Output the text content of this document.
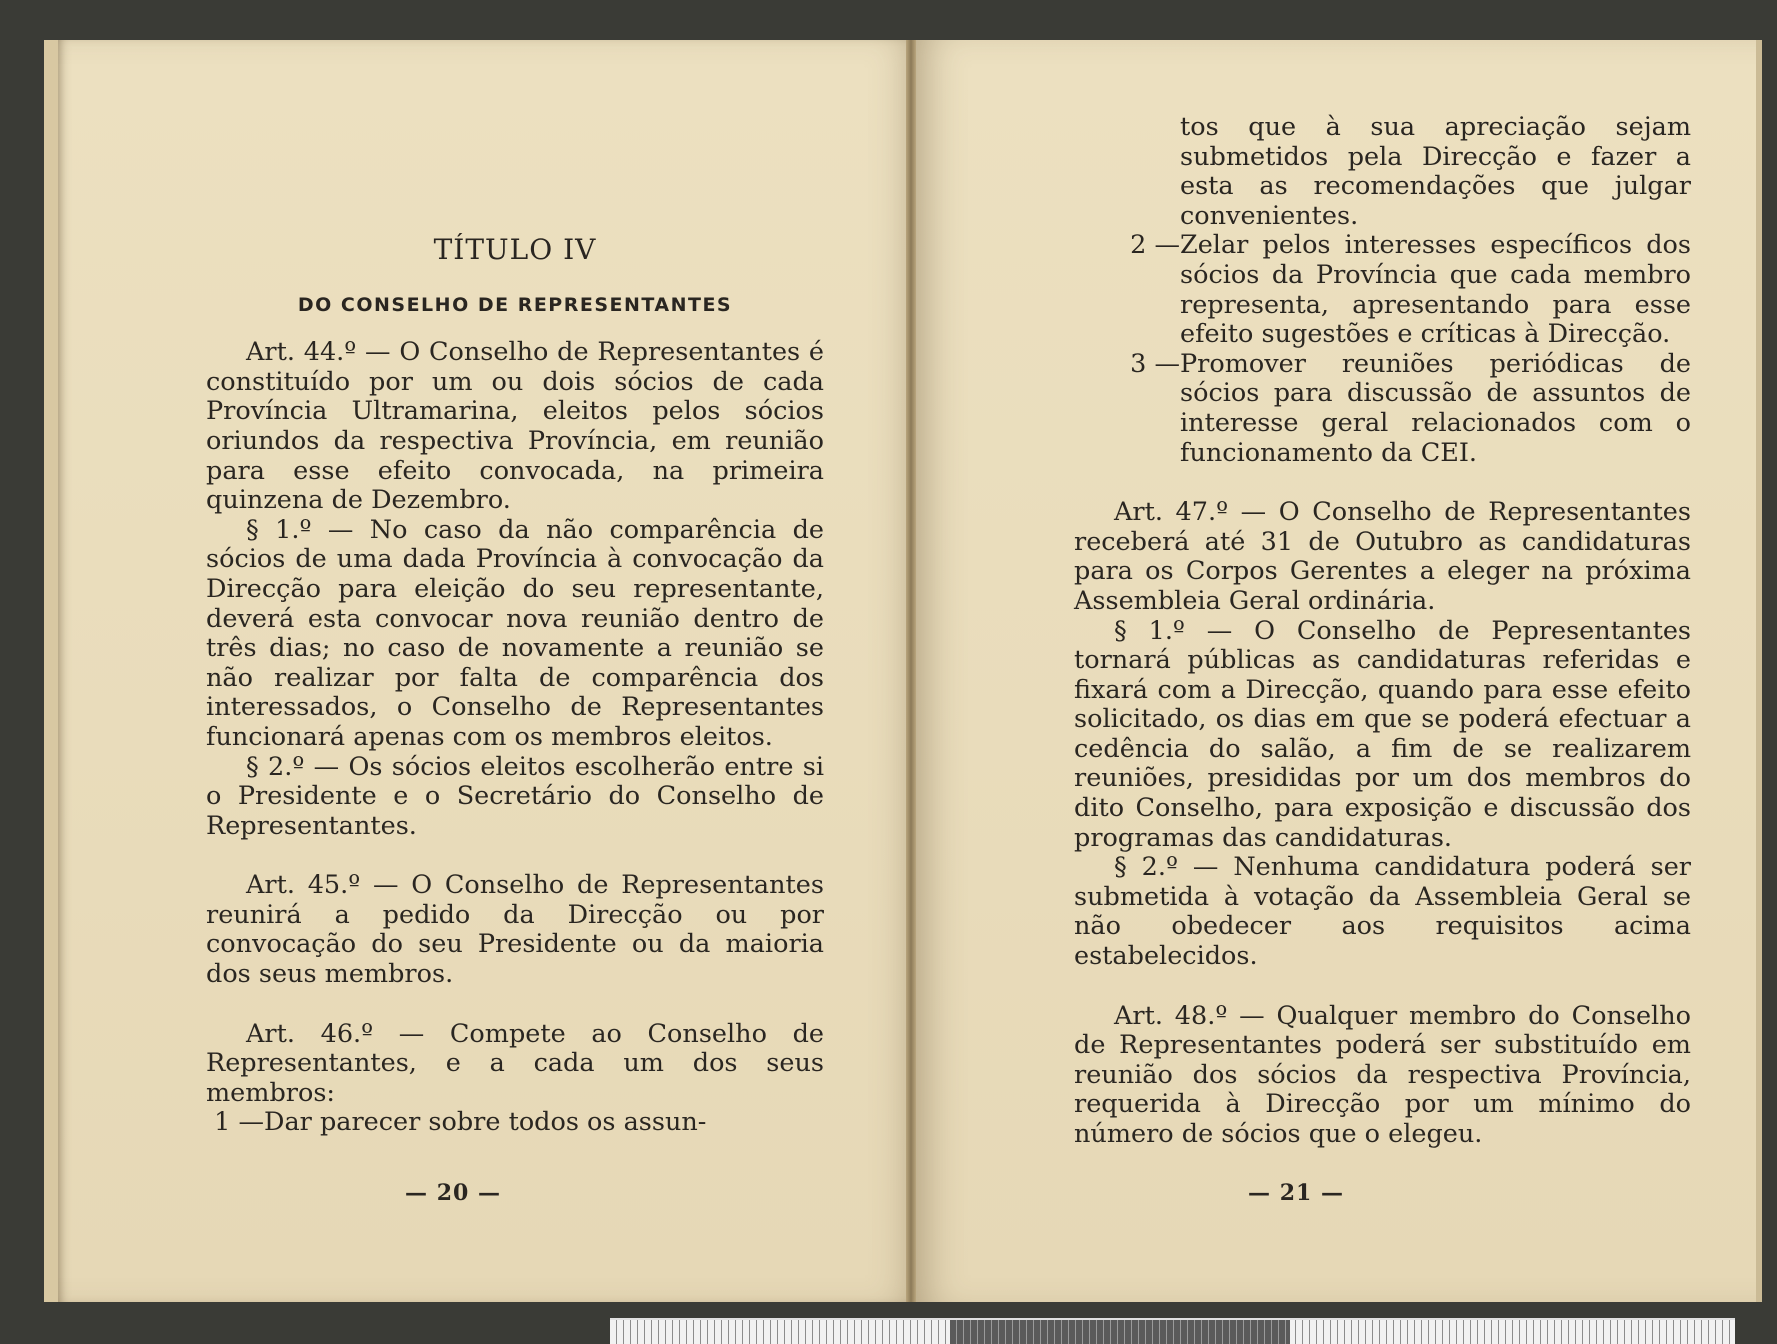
TÍTULO IV

DO CONSELHO DE REPRESENTANTES

Art. 44.º — O Conselho de Representantes é constituído por um ou dois sócios de cada Província Ultramarina, eleitos pelos sócios oriundos da respectiva Província, em reunião para esse efeito convocada, na primeira quinzena de Dezembro.

§ 1.º — No caso da não comparência de sócios de uma dada Província à convocação da Direcção para eleição do seu representante, deverá esta convocar nova reunião dentro de três dias; no caso de novamente a reunião se não realizar por falta de comparência dos interessados, o Conselho de Representantes funcionará apenas com os membros eleitos.

§ 2.º — Os sócios eleitos escolherão entre si o Presidente e o Secretário do Conselho de Representantes.

Art. 45.º — O Conselho de Representantes reunirá a pedido da Direcção ou por convocação do seu Presidente ou da maioria dos seus membros.

Art. 46.º — Compete ao Conselho de Representantes, e a cada um dos seus membros:

1 — Dar parecer sobre todos os assun-
— 20 —

tos que à sua apreciação sejam submetidos pela Direcção e fazer a esta as recomendações que julgar convenientes.

2 — Zelar pelos interesses específicos dos sócios da Província que cada membro representa, apresentando para esse efeito sugestões e críticas à Direcção.
3 — Promover reuniões periódicas de sócios para discussão de assuntos de interesse geral relacionados com o funcionamento da CEI.

Art. 47.º — O Conselho de Representantes receberá até 31 de Outubro as candidaturas para os Corpos Gerentes a eleger na próxima Assembleia Geral ordinária.

§ 1.º — O Conselho de Pepresentantes tornará públicas as candidaturas referidas e fixará com a Direcção, quando para esse efeito solicitado, os dias em que se poderá efectuar a cedência do salão, a fim de se realizarem reuniões, presididas por um dos membros do dito Conselho, para exposição e discussão dos programas das candidaturas.

§ 2.º — Nenhuma candidatura poderá ser submetida à votação da Assembleia Geral se não obedecer aos requisitos acima estabelecidos.

Art. 48.º — Qualquer membro do Conselho de Representantes poderá ser substituído em reunião dos sócios da respectiva Província, requerida à Direcção por um mínimo do número de sócios que o elegeu.

— 21 —
